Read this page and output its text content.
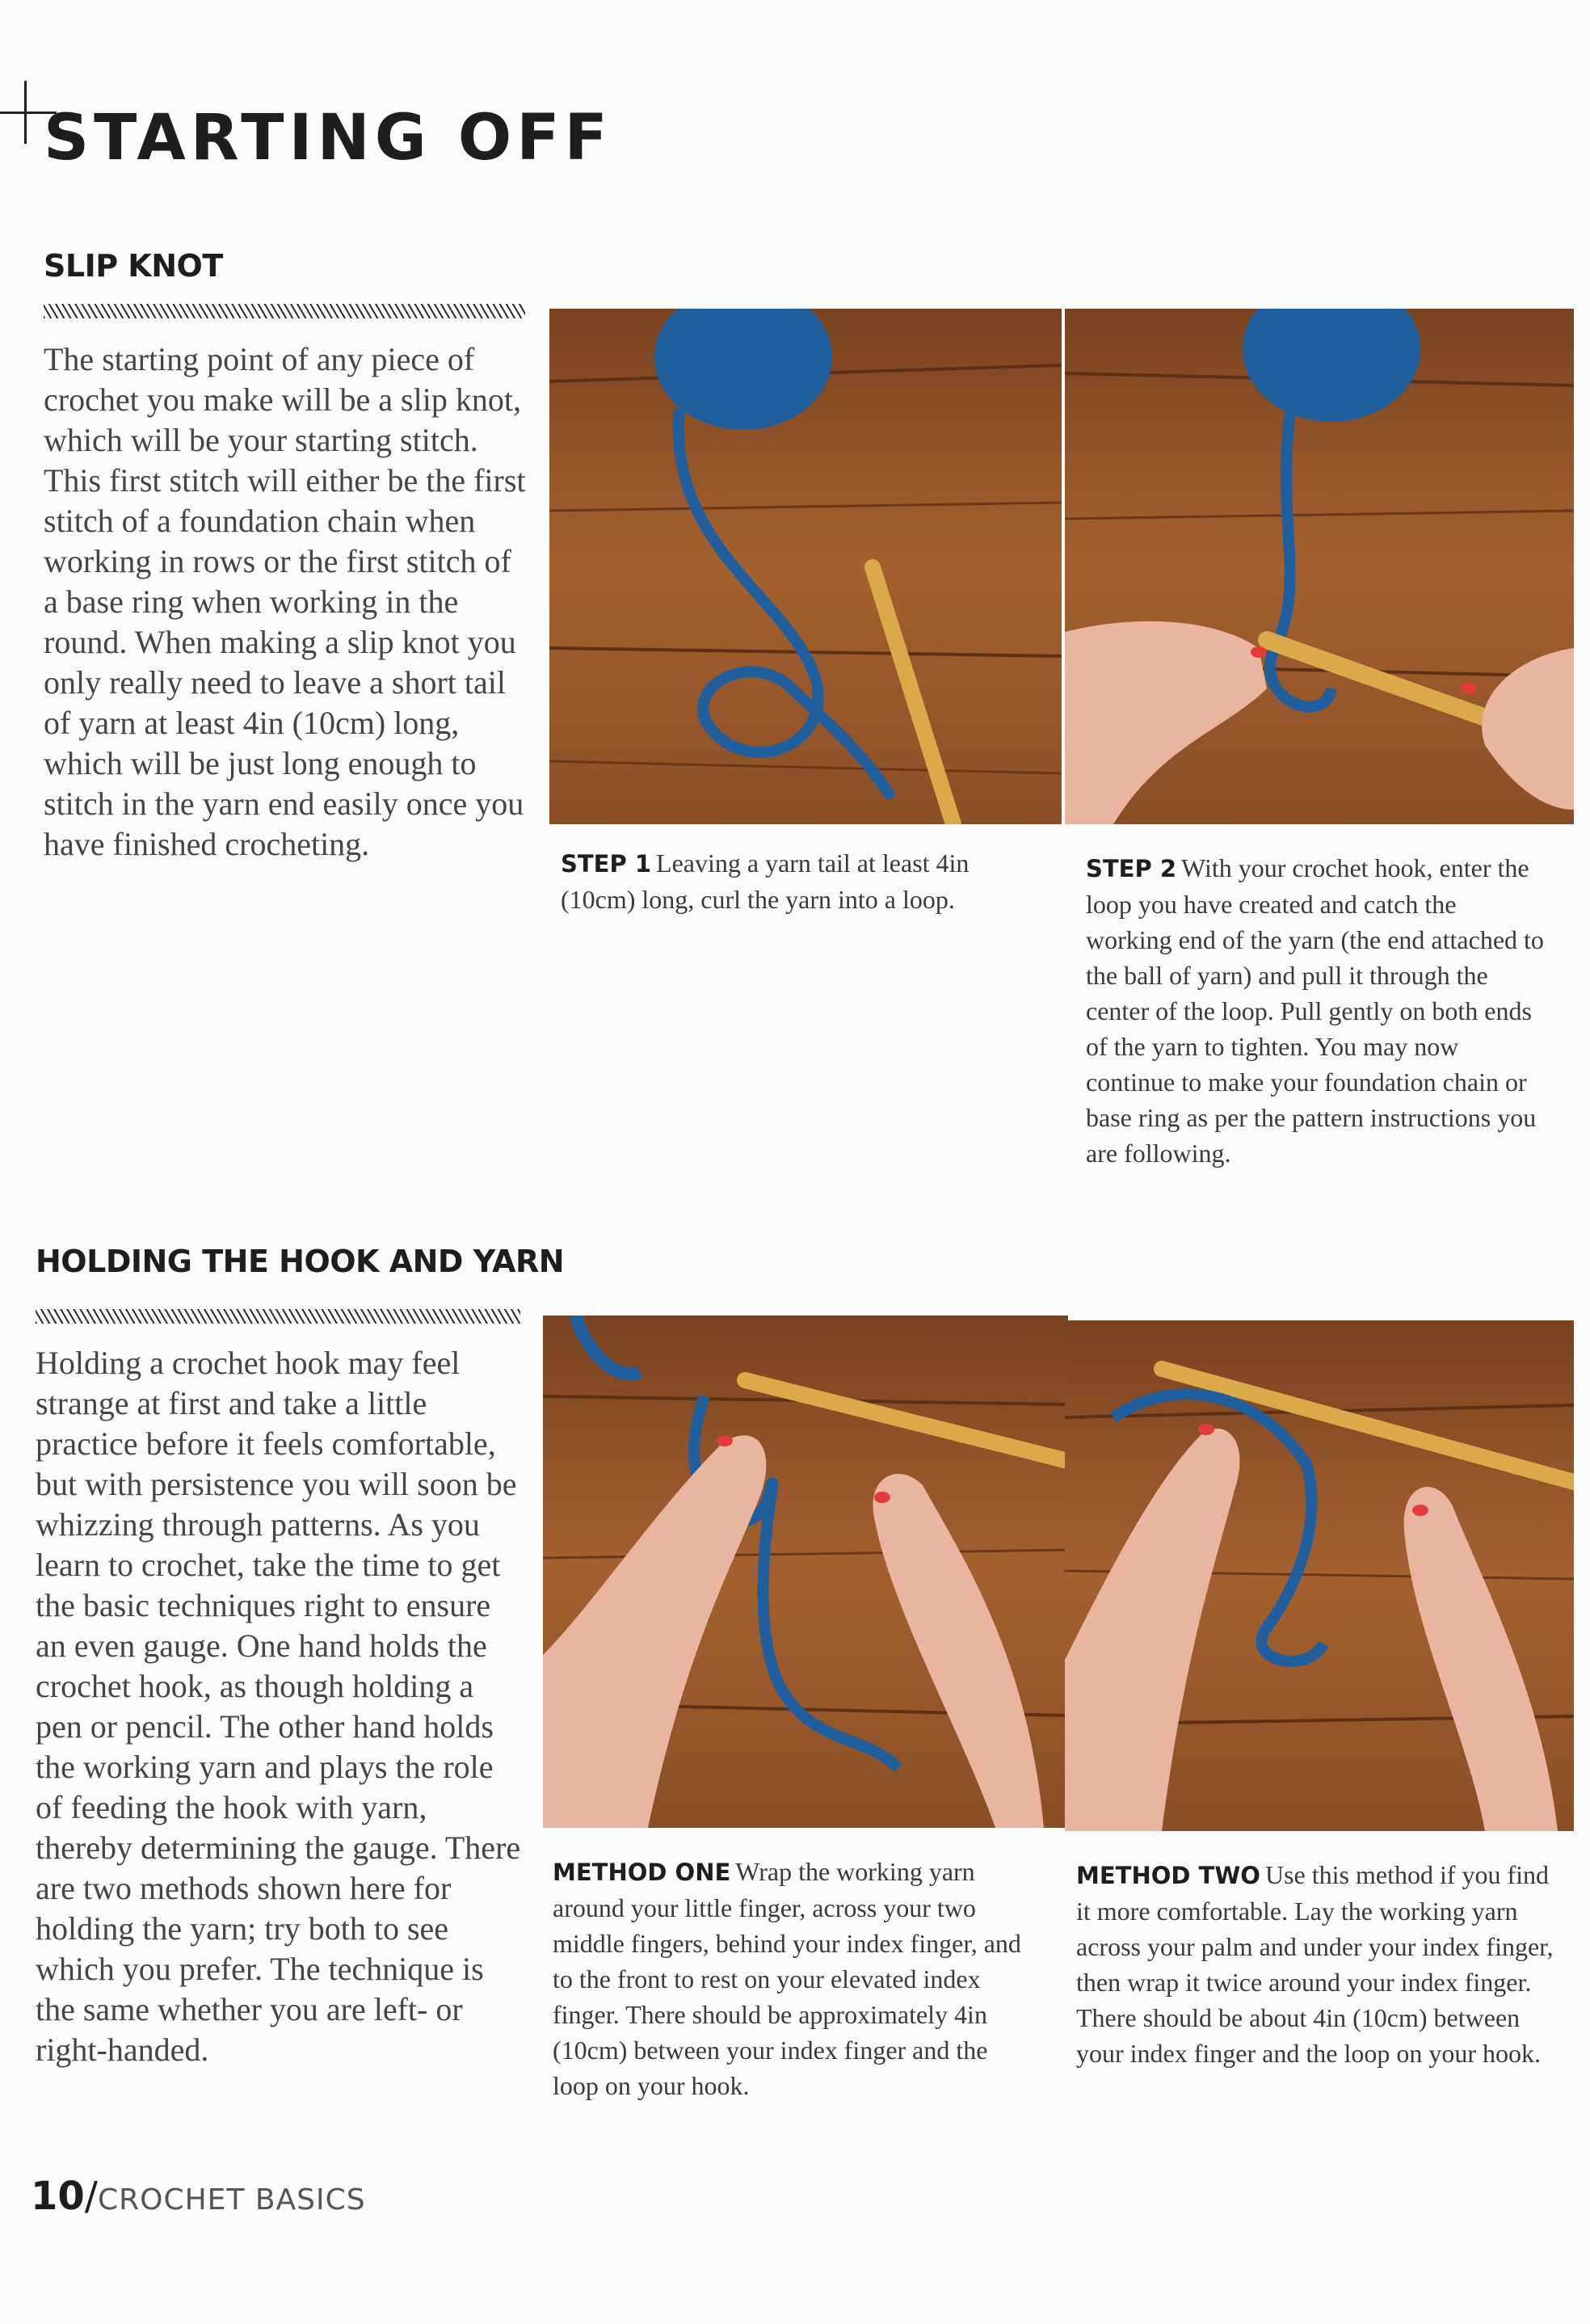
STARTING OFF
SLIP KNOT

The starting point of any piece of crochet you make will be a slip knot, which will be your starting stitch. This first stitch will either be the first stitch of a foundation chain when working in rows or the first stitch of a base ring when working in the round. When making a slip knot you only really need to leave a short tail of yarn at least 4in (10cm) long, which will be just long enough to stitch in the yarn end easily once you have finished crocheting.

STEP 1 Leaving a yarn tail at least 4in (10cm) long, curl the yarn into a loop.

STEP 2 With your crochet hook, enter the loop you have created and catch the working end of the yarn (the end attached to the ball of yarn) and pull it through the center of the loop. Pull gently on both ends of the yarn to tighten. You may now continue to make your foundation chain or base ring as per the pattern instructions you are following.

HOLDING THE HOOK AND YARN

Holding a crochet hook may feel strange at first and take a little practice before it feels comfortable, but with persistence you will soon be whizzing through patterns. As you learn to crochet, take the time to get the basic techniques right to ensure an even gauge. One hand holds the crochet hook, as though holding a pen or pencil. The other hand holds the working yarn and plays the role of feeding the hook with yarn, thereby determining the gauge. There are two methods shown here for holding the yarn; try both to see which you prefer. The technique is the same whether you are left- or right-handed.

METHOD ONE Wrap the working yarn around your little finger, across your two middle fingers, behind your index finger, and to the front to rest on your elevated index finger. There should be approximately 4in (10cm) between your index finger and the loop on your hook.

METHOD TWO Use this method if you find it more comfortable. Lay the working yarn across your palm and under your index finger, then wrap it twice around your index finger. There should be about 4in (10cm) between your index finger and the loop on your hook.

10 / CROCHET BASICS
